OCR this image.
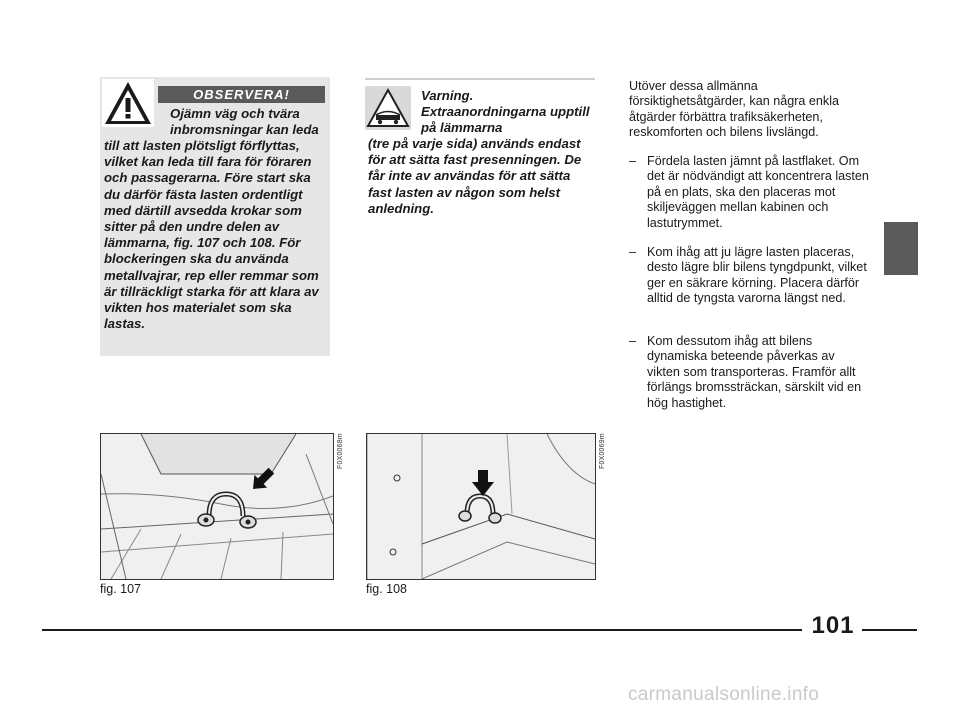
OBSERVERA!
Ojämn väg och tvära inbromsningar kan leda
till att lasten plötsligt förflyttas, vilket kan leda till fara för föraren och passagerarna. Före start ska du därför fästa lasten ordentligt med därtill avsedda krokar som sitter på den undre delen av lämmarna, fig. 107 och 108. För blockeringen ska du använda metallvajrar, rep eller remmar som är tillräckligt starka för att klara av vikten hos materialet som ska lastas.
Varning. Extraanordningarna upptill på lämmarna
(tre på varje sida) används endast för att sätta fast presenningen. De får inte av användas för att sätta fast lasten av någon som helst anledning.
Utöver dessa allmänna försiktighetsåtgärder, kan några enkla åtgärder förbättra trafiksäkerheten, reskomforten och bilens livslängd.
– Fördela lasten jämnt på lastflaket. Om det är nödvändigt att koncentrera lasten på en plats, ska den placeras mot skiljeväggen mellan kabinen och lastutrymmet.
– Kom ihåg att ju lägre lasten placeras, desto lägre blir bilens tyngdpunkt, vilket ger en säkrare körning. Placera därför alltid de tyngsta varorna längst ned.
– Kom dessutom ihåg att bilens dynamiska beteende påverkas av vikten som transporteras. Framför allt förlängs bromssträckan, särskilt vid en hög hastighet.
F0X0068m
fig. 107
F0X0069m
fig. 108
101
carmanualsonline.info
